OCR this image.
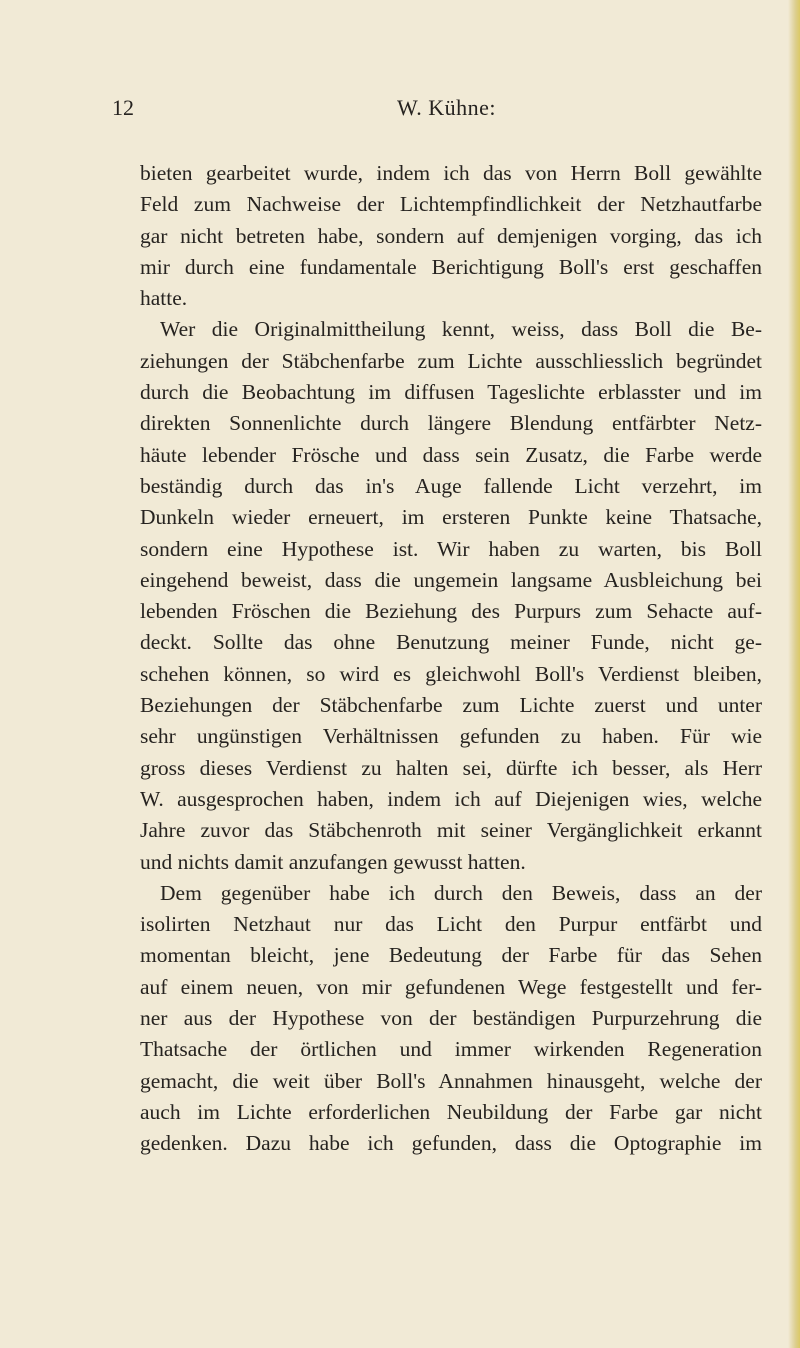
12	W. Kühne:
bieten gearbeitet wurde, indem ich das von Herrn Boll gewählte
Feld zum Nachweise der Lichtempfindlichkeit der Netzhautfarbe
gar nicht betreten habe, sondern auf demjenigen vorging, das ich
mir durch eine fundamentale Berichtigung Boll's erst geschaffen
hatte.
Wer die Originalmittheilung kennt, weiss, dass Boll die Be-
ziehungen der Stäbchenfarbe zum Lichte ausschliesslich begründet
durch die Beobachtung im diffusen Tageslichte erblasster und im
direkten Sonnenlichte durch längere Blendung entfärbter Netz-
häute lebender Frösche und dass sein Zusatz, die Farbe werde
beständig durch das in's Auge fallende Licht verzehrt, im
Dunkeln wieder erneuert, im ersteren Punkte keine Thatsache,
sondern eine Hypothese ist. Wir haben zu warten, bis Boll
eingehend beweist, dass die ungemein langsame Ausbleichung bei
lebenden Fröschen die Beziehung des Purpurs zum Sehacte auf-
deckt. Sollte das ohne Benutzung meiner Funde, nicht ge-
schehen können, so wird es gleichwohl Boll's Verdienst bleiben,
Beziehungen der Stäbchenfarbe zum Lichte zuerst und unter
sehr ungünstigen Verhältnissen gefunden zu haben. Für wie
gross dieses Verdienst zu halten sei, dürfte ich besser, als Herr
W. ausgesprochen haben, indem ich auf Diejenigen wies, welche
Jahre zuvor das Stäbchenroth mit seiner Vergänglichkeit erkannt
und nichts damit anzufangen gewusst hatten.
Dem gegenüber habe ich durch den Beweis, dass an der
isolirten Netzhaut nur das Licht den Purpur entfärbt und
momentan bleicht, jene Bedeutung der Farbe für das Sehen
auf einem neuen, von mir gefundenen Wege festgestellt und fer-
ner aus der Hypothese von der beständigen Purpurzehrung die
Thatsache der örtlichen und immer wirkenden Regeneration
gemacht, die weit über Boll's Annahmen hinausgeht, welche der
auch im Lichte erforderlichen Neubildung der Farbe gar nicht
gedenken. Dazu habe ich gefunden, dass die Optographie im
